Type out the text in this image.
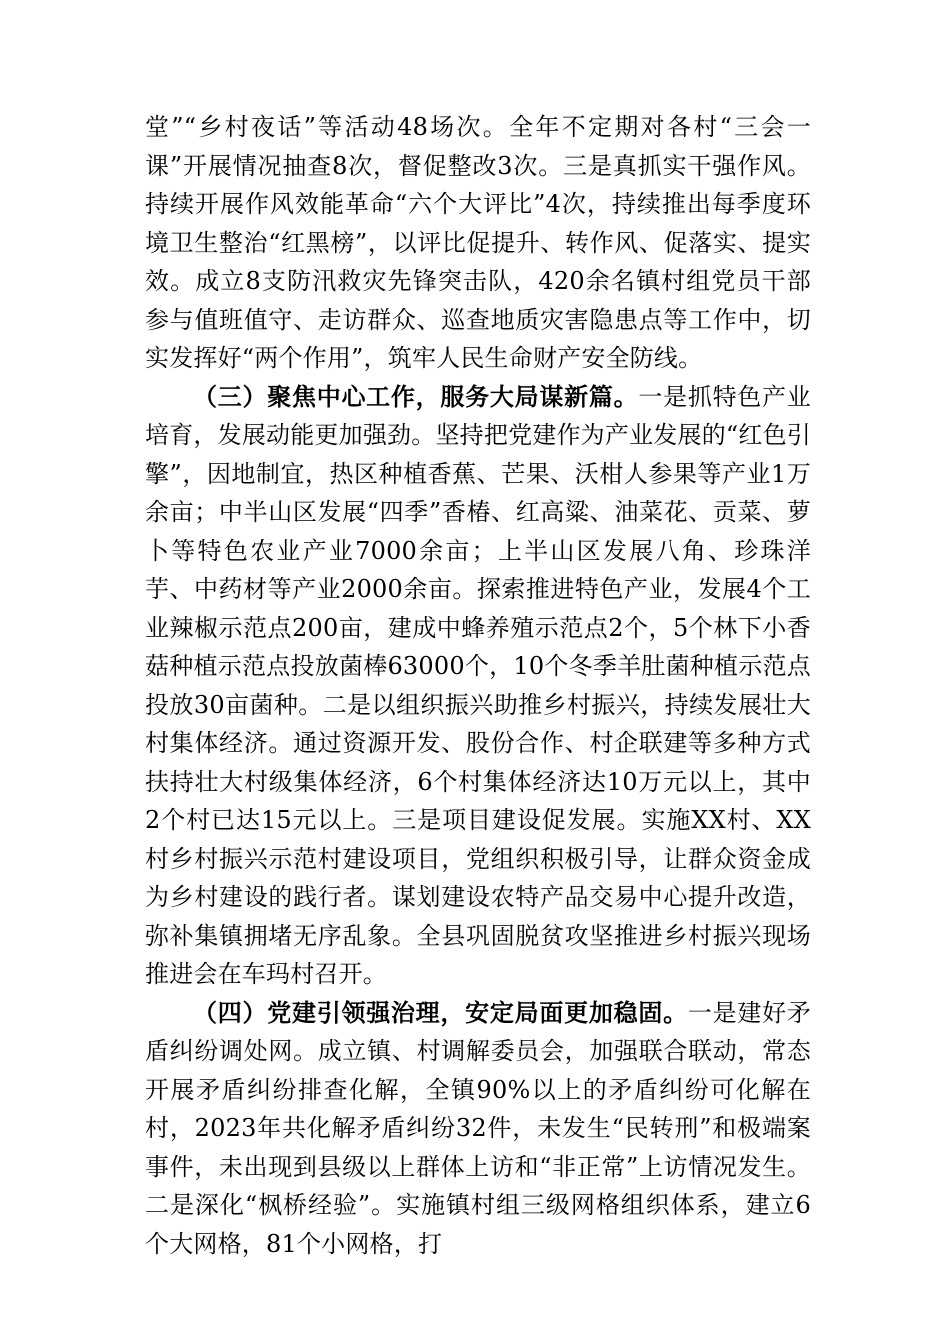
堂”“乡村夜话”等活动48场次。全年不定期对各村“三会一课”开展情况抽查8次，督促整改3次。三是真抓实干强作风。持续开展作风效能革命“六个大评比”4次，持续推出每季度环境卫生整治“红黑榜”，以评比促提升、转作风、促落实、提实效。成立8支防汛救灾先锋突击队，420余名镇村组党员干部参与值班值守、走访群众、巡查地质灾害隐患点等工作中，切实发挥好“两个作用”，筑牢人民生命财产安全防线。

（三）聚焦中心工作，服务大局谋新篇。一是抓特色产业培育，发展动能更加强劲。坚持把党建作为产业发展的“红色引擎”，因地制宜，热区种植香蕉、芒果、沃柑人参果等产业1万余亩；中半山区发展“四季”香椿、红高粱、油菜花、贡菜、萝卜等特色农业产业7000余亩；上半山区发展八角、珍珠洋芋、中药材等产业2000余亩。探索推进特色产业，发展4个工业辣椒示范点200亩，建成中蜂养殖示范点2个，5个林下小香菇种植示范点投放菌棒63000个，10个冬季羊肚菌种植示范点投放30亩菌种。二是以组织振兴助推乡村振兴，持续发展壮大村集体经济。通过资源开发、股份合作、村企联建等多种方式扶持壮大村级集体经济，6个村集体经济达10万元以上，其中2个村已达15元以上。三是项目建设促发展。实施XX村、XX村乡村振兴示范村建设项目，党组织积极引导，让群众资金成为乡村建设的践行者。谋划建设农特产品交易中心提升改造，弥补集镇拥堵无序乱象。全县巩固脱贫攻坚推进乡村振兴现场推进会在车玛村召开。

（四）党建引领强治理，安定局面更加稳固。一是建好矛盾纠纷调处网。成立镇、村调解委员会，加强联合联动，常态开展矛盾纠纷排查化解，全镇90%以上的矛盾纠纷可化解在村，2023年共化解矛盾纠纷32件，未发生“民转刑”和极端案事件，未出现到县级以上群体上访和“非正常”上访情况发生。二是深化“枫桥经验”。实施镇村组三级网格组织体系，建立6个大网格，81个小网格，打
